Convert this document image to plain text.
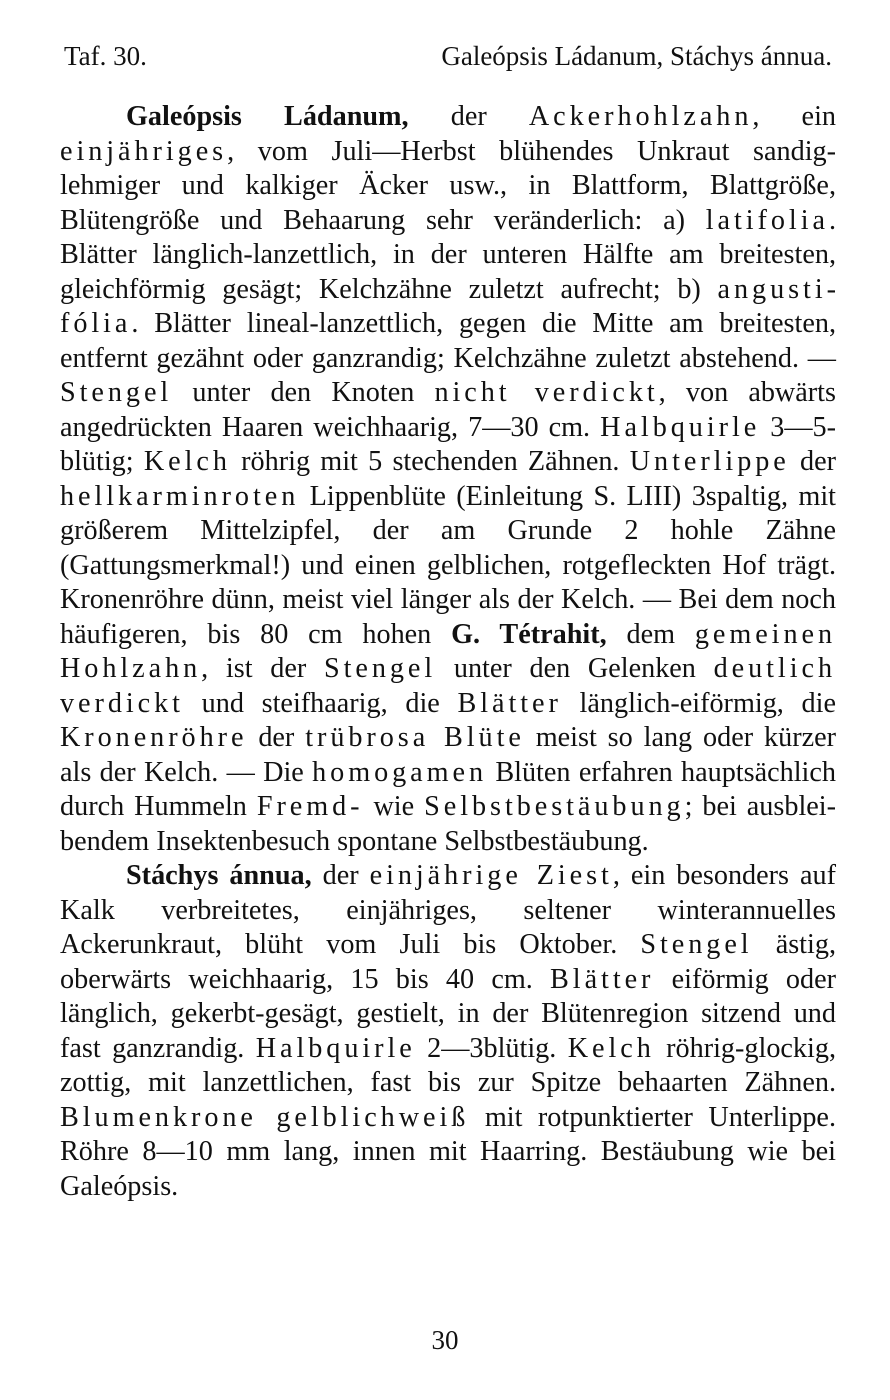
Taf. 30.	Galeópsis Ládanum, Stáchys ánnua.

Galeópsis Ládanum, der Ackerhohlzahn, ein einjähriges, vom Juli—Herbst blühendes Unkraut sandig-lehmiger und kalkiger Äcker usw., in Blattform, Blattgröße, Blütengröße und Behaarung sehr veränderlich: a) latifolia. Blätter länglich-lanzettlich, in der unteren Hälfte am breitesten, gleichförmig gesägt; Kelchzähne zuletzt aufrecht; b) angustifólia. Blätter lineal-lanzettlich, gegen die Mitte am breitesten, entfernt gezähnt oder ganzrandig; Kelchzähne zuletzt abstehend. — Stengel unter den Knoten nicht verdickt, von abwärts angedrückten Haaren weichhaarig, 7—30 cm. Halbquirle 3—5-blütig; Kelch röhrig mit 5 stechenden Zähnen. Unterlippe der hellkarminroten Lippenblüte (Einleitung S. LIII) 3spaltig, mit größerem Mittelzipfel, der am Grunde 2 hohle Zähne (Gattungsmerkmal!) und einen gelblichen, rotgefleckten Hof trägt. Kronenröhre dünn, meist viel länger als der Kelch. — Bei dem noch häufigeren, bis 80 cm hohen G. Tétrahit, dem gemeinen Hohlzahn, ist der Stengel unter den Gelenken deutlich verdickt und steifhaarig, die Blätter länglich-eiförmig, die Kronenröhre der trübrosa Blüte meist so lang oder kürzer als der Kelch. — Die homogamen Blüten erfahren hauptsächlich durch Hummeln Fremd- wie Selbstbestäubung; bei ausbleibendem Insektenbesuch spontane Selbstbestäubung.

Stáchys ánnua, der einjährige Ziest, ein besonders auf Kalk verbreitetes, einjähriges, seltener winterannuelles Ackerunkraut, blüht vom Juli bis Oktober. Stengel ästig, oberwärts weichhaarig, 15 bis 40 cm. Blätter eiförmig oder länglich, gekerbt-gesägt, gestielt, in der Blütenregion sitzend und fast ganzrandig. Halbquirle 2—3blütig. Kelch röhrig-glockig, zottig, mit lanzettlichen, fast bis zur Spitze behaarten Zähnen. Blumenkrone gelblichweiß mit rotpunktierter Unterlippe. Röhre 8—10 mm lang, innen mit Haarring. Bestäubung wie bei Galeópsis.

30
